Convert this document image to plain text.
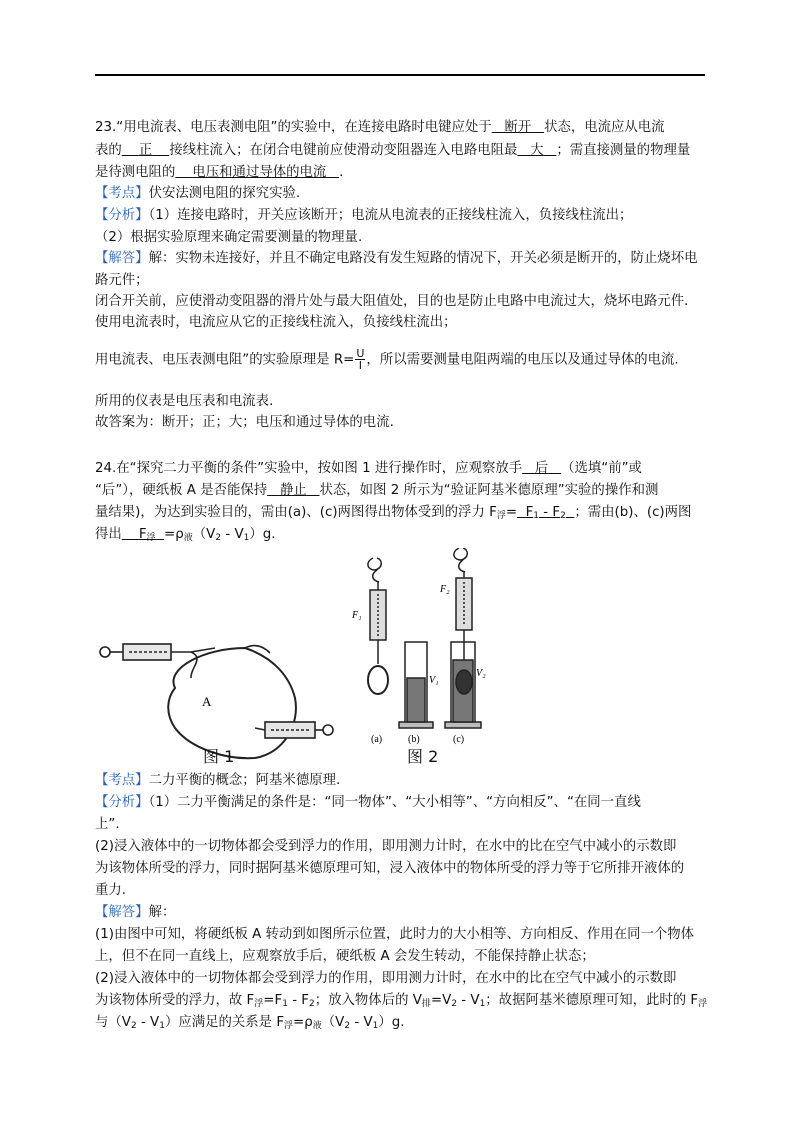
23.“用电流表、电压表测电阻”的实验中，在连接电路时电键应处于 断开 状态，电流应从电流
表的 正 接线柱流入；在闭合电键前应使滑动变阻器连入电路电阻最 大 ；需直接测量的物理量
是待测电阻的 电压和通过导体的电流 .
【考点】伏安法测电阻的探究实验.
【分析】（1）连接电路时，开关应该断开；电流从电流表的正接线柱流入，负接线柱流出；
（2）根据实验原理来确定需要测量的物理量.
【解答】解：实物未连接好，并且不确定电路没有发生短路的情况下，开关必须是断开的，防止烧坏电
路元件；
闭合开关前，应使滑动变阻器的滑片处与最大阻值处，目的也是防止电路中电流过大，烧坏电路元件．
使用电流表时，电流应从它的正接线柱流入，负接线柱流出；
用电流表、电压表测电阻”的实验原理是 $R= \frac{U}{I}$ ，所以需要测量电阻两端的电压以及通过导体的电流.
所用的仪表是电压表和电流表.
故答案为：断开；正；大；电压和通过导体的电流.
24.在“探究二力平衡的条件”实验中，按如图 1 进行操作时，应观察放手 后 （选填“前”或
“后”），硬纸板 A 是否能保持 静止 状态，如图 2 所示为“验证阿基米德原理”实验的操作和测
量结果)，为达到实验目的，需由(a)、(c)两图得出物体受到的浮力 $F_浮= F_1 - F_2$ ；需由(b)、(c)两图
得出 $F_浮 =\rho_液(V_2 - V_1)g$.
A
F₁
V₁
F₂
V₂
(a)	(b)	(c)
图 1	图 2
【考点】二力平衡的概念；阿基米德原理.
【分析】（1）二力平衡满足的条件是：“同一物体”、“大小相等”、“方向相反”、“在同一直线
上”.
(2)浸入液体中的一切物体都会受到浮力的作用，即用测力计时，在水中的比在空气中减小的示数即
为该物体所受的浮力，同时据阿基米德原理可知，浸入液体中的物体所受的浮力等于它所排开液体的
重力.
【解答】解：
(1)由图中可知，将硬纸板 A 转动到如图所示位置，此时力的大小相等、方向相反、作用在同一个物体
上，但不在同一直线上，应观察放手后，硬纸板 A 会发生转动，不能保持静止状态；
(2)浸入液体中的一切物体都会受到浮力的作用，即用测力计时，在水中的比在空气中减小的示数即
为该物体所受的浮力，故 $F_浮=F_1 - F_2$；放入物体后的 $V_排=V_2 - V_1$；故据阿基米德原理可知，此时的 $F_浮$
与$(V_2 - V_1)$应满足的关系是 $F_浮=\rho_液(V_2 - V_1)g$.
